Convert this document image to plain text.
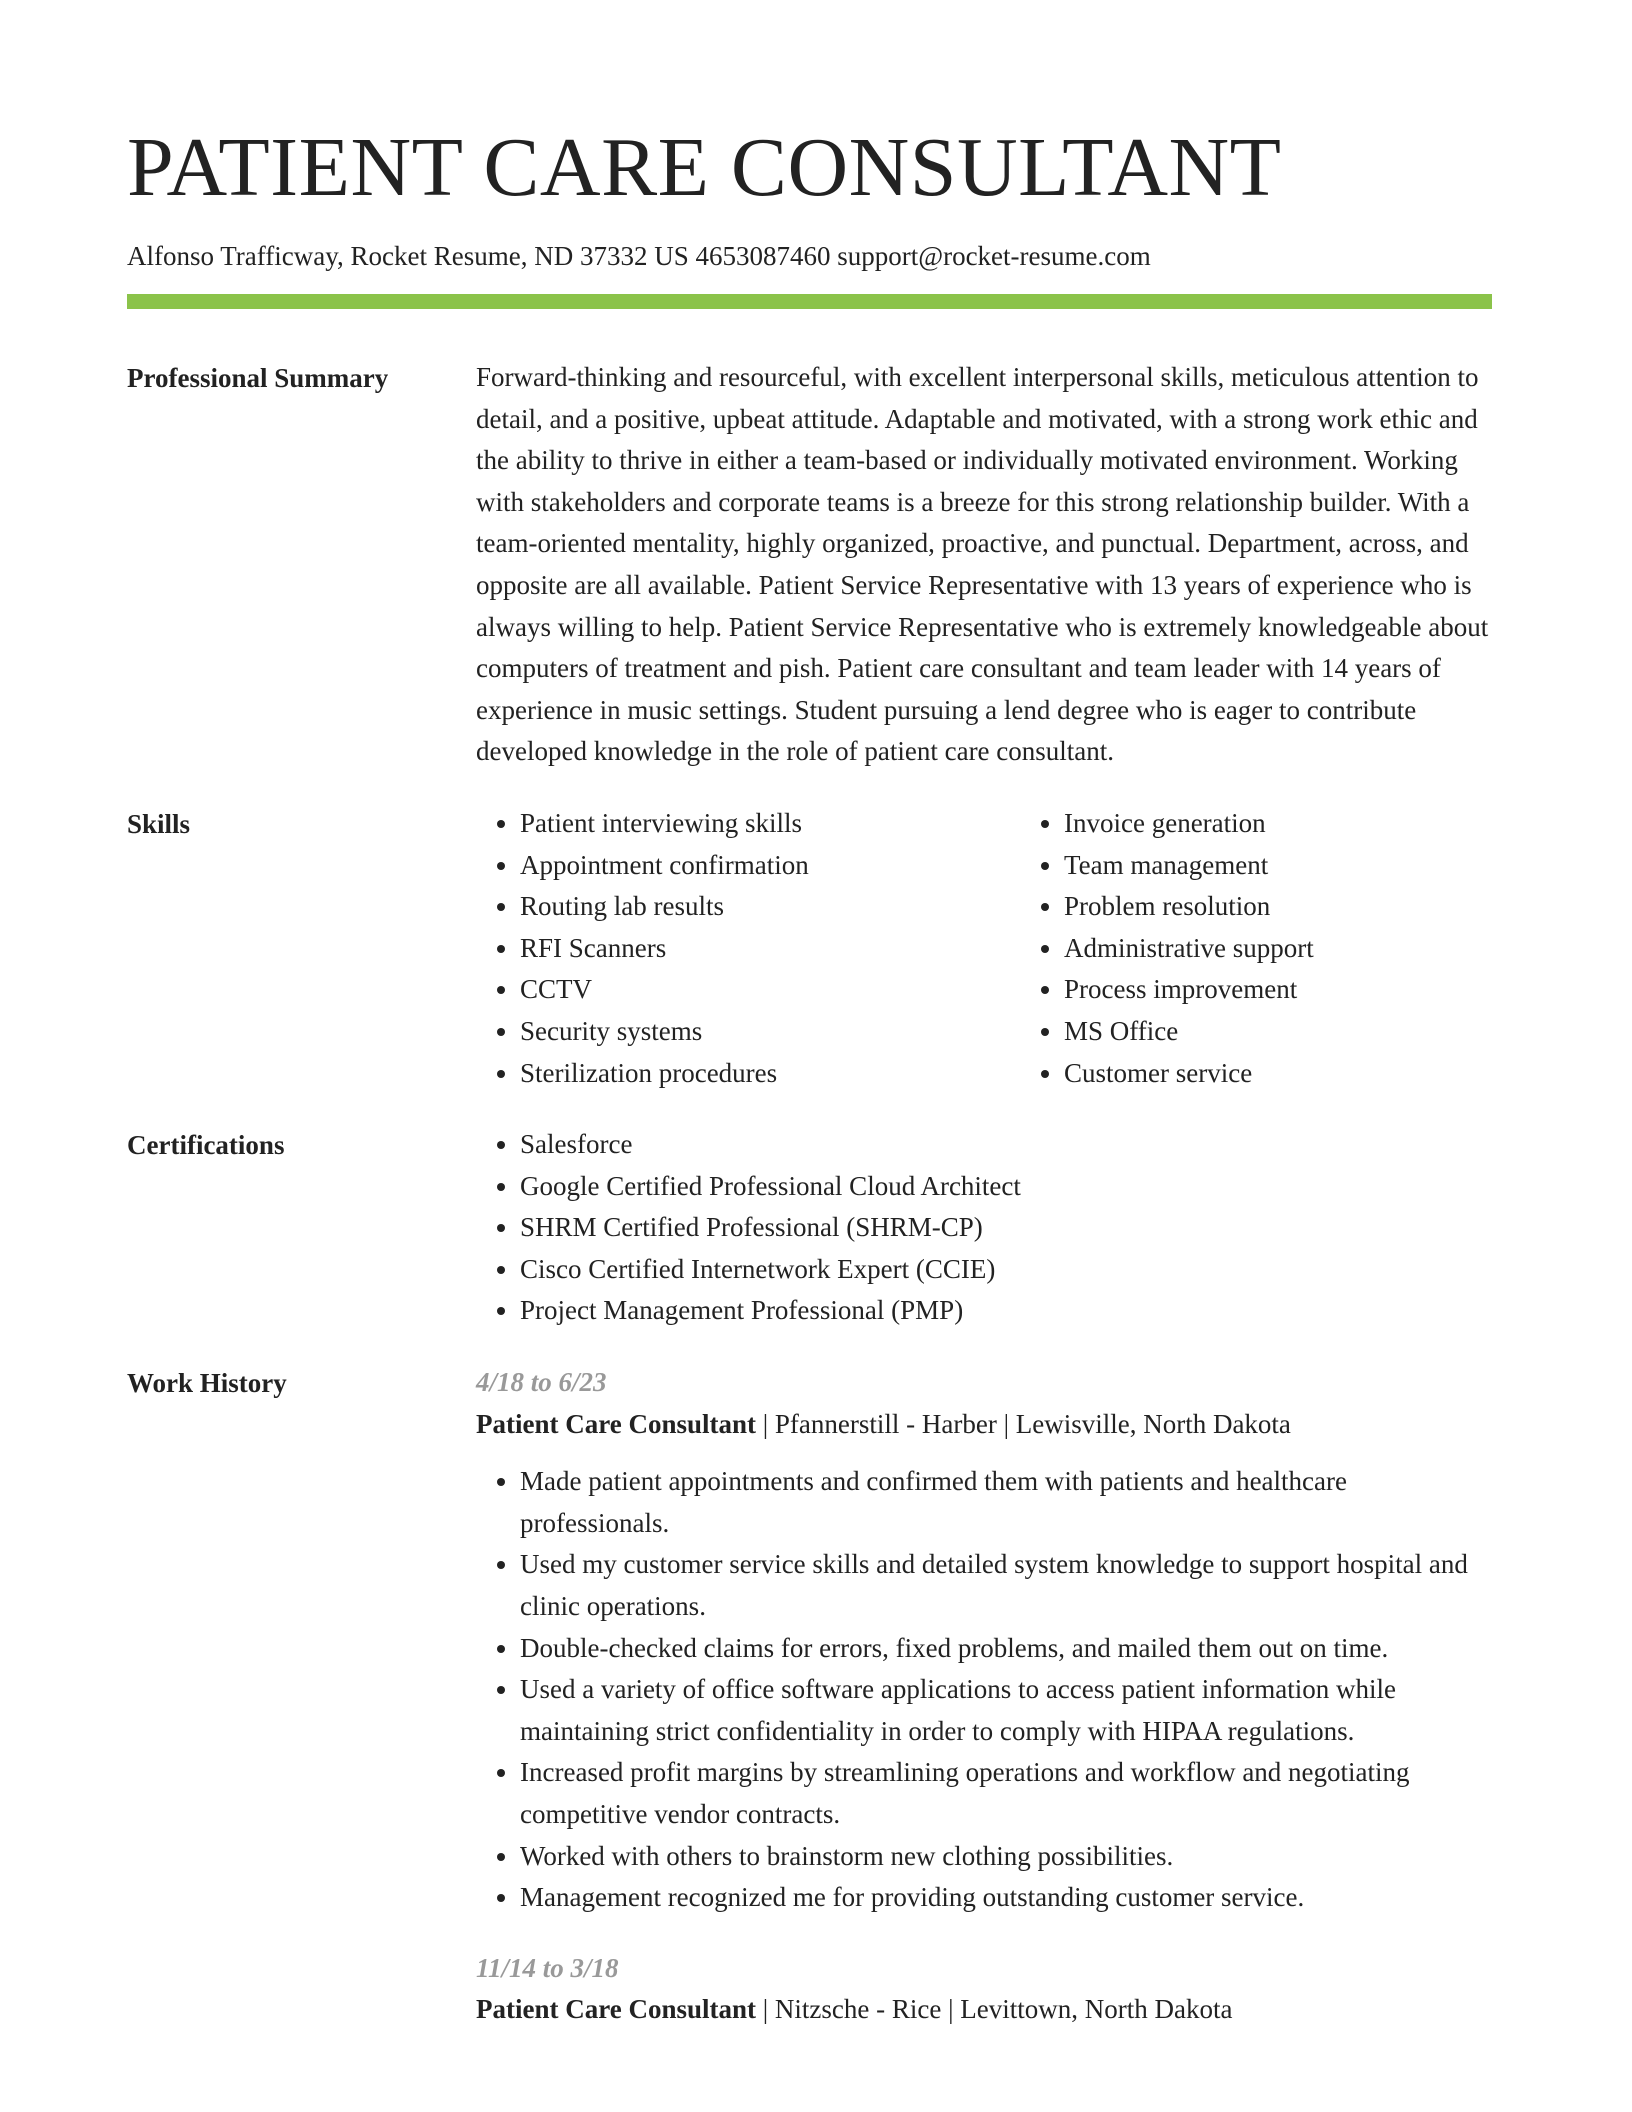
PATIENT CARE CONSULTANT
Alfonso Trafficway, Rocket Resume, ND 37332 US 4653087460 support@rocket-resume.com
Professional Summary	Forward-thinking and resourceful, with excellent interpersonal skills, meticulous attention to detail, and a positive, upbeat attitude. Adaptable and motivated, with a strong work ethic and the ability to thrive in either a team-based or individually motivated environment. Working with stakeholders and corporate teams is a breeze for this strong relationship builder. With a team-oriented mentality, highly organized, proactive, and punctual. Department, across, and opposite are all available. Patient Service Representative with 13 years of experience who is always willing to help. Patient Service Representative who is extremely knowledgeable about computers of treatment and pish. Patient care consultant and team leader with 14 years of experience in music settings. Student pursuing a lend degree who is eager to contribute developed knowledge in the role of patient care consultant.

Skills	• Patient interviewing skills
• Appointment confirmation
• Routing lab results
• RFI Scanners
• CCTV
• Security systems
• Sterilization procedures
• Invoice generation
• Team management
• Problem resolution
• Administrative support
• Process improvement
• MS Office
• Customer service
Certifications	• Salesforce
• Google Certified Professional Cloud Architect
• SHRM Certified Professional (SHRM-CP)
• Cisco Certified Internetwork Expert (CCIE)
• Project Management Professional (PMP)
Work History	4/18 to 6/23
Patient Care Consultant | Pfannerstill - Harber | Lewisville, North Dakota
• Made patient appointments and confirmed them with patients and healthcare professionals.
• Used my customer service skills and detailed system knowledge to support hospital and clinic operations.
• Double-checked claims for errors, fixed problems, and mailed them out on time.
• Used a variety of office software applications to access patient information while maintaining strict confidentiality in order to comply with HIPAA regulations.
• Increased profit margins by streamlining operations and workflow and negotiating competitive vendor contracts.
• Worked with others to brainstorm new clothing possibilities.
• Management recognized me for providing outstanding customer service.
11/14 to 3/18
Patient Care Consultant | Nitzsche - Rice | Levittown, North Dakota
